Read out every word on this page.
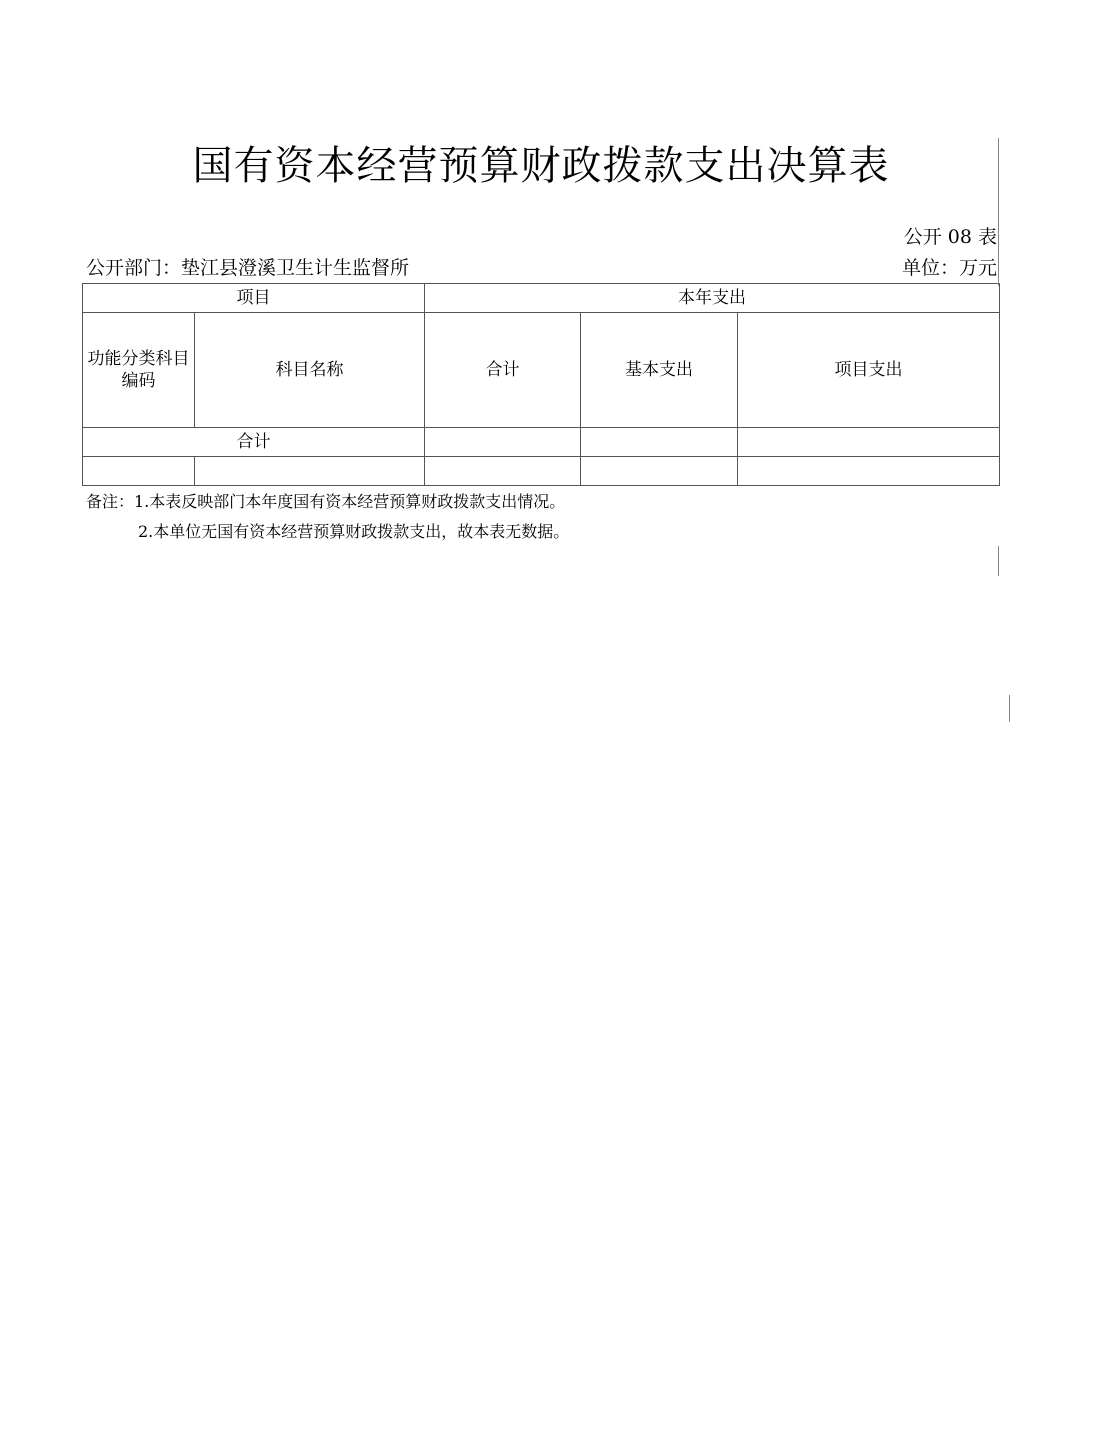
国有资本经营预算财政拨款支出决算表
公开 08 表
公开部门：垫江县澄溪卫生计生监督所	单位：万元
项目		本年支出		
功能分类科目编码	科目名称	合计	基本支出	项目支出
合计				

备注：1.本表反映部门本年度国有资本经营预算财政拨款支出情况。
2.本单位无国有资本经营预算财政拨款支出，故本表无数据。
